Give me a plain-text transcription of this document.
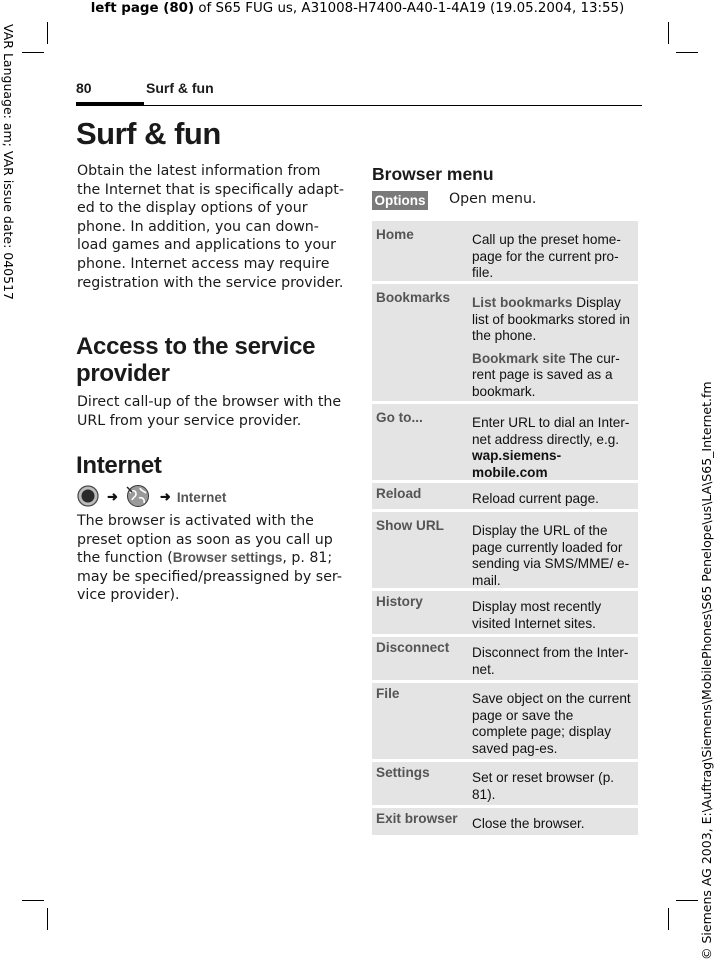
left page (80) of S65 FUG us, A31008-H7400-A40-1-4A19 (19.05.2004, 13:55)
VAR Language: am; VAR issue date: 040517
© Siemens AG 2003, E:\Auftrag\Siemens\MobilePhones\S65 Penelope\us\LA\S65_Internet.fm
80	Surf & fun
Surf & fun

Obtain the latest information from the Internet that is specifically adapt-ed to the display options of your phone. In addition, you can down-load games and applications to your phone. Internet access may require registration with the service provider.

Access to the service provider

Direct call-up of the browser with the URL from your service provider.

Internet
➜	➜ Internet

The browser is activated with the preset option as soon as you call up the function (Browser settings, p. 81; may be specified/preassigned by ser-vice provider).

Browser menu
Options Open menu.
Home	Call up the preset home-page for the current pro-file.
Bookmarks	List bookmarks Display list of bookmarks stored in the phone.

Bookmark site The cur-rent page is saved as a bookmark.

Go to...	Enter URL to dial an Inter-net address directly, e.g. wap.siemens-mobile.com
Reload	Reload current page.
Show URL	Display the URL of the page currently loaded for sending via SMS/MME/ e-mail.
History	Display most recently visited Internet sites.
Disconnect	Disconnect from the Inter-net.
File	Save object on the current page or save the complete page; display saved pag-es.
Settings	Set or reset browser (p. 81).
Exit browser	Close the browser.
